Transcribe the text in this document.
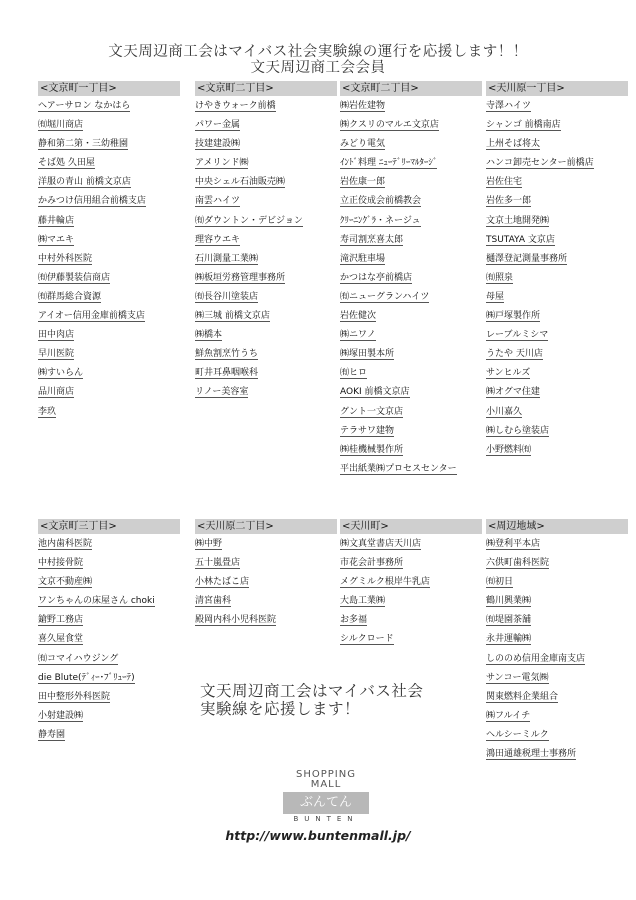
文天周辺商工会はマイバス社会実験線の運行を応援します！！
文天周辺商工会会員
<文京町一丁目>
ヘアーサロン なかはら
㈲堀川商店
静和第二第・三幼稚園
そば処 久田屋
洋服の青山 前橋文京店
かみつけ信用組合前橋支店
藤井輪店
㈱マエキ
中村外科医院
㈲伊藤製装信商店
㈲群馬総合資源
アイオー信用金庫前橋支店
田中肉店
早川医院
㈱すいらん
品川商店
李玖
<文京町二丁目>
けやきウォーク前橋
パワー金属
技建建設㈱
アメリンド㈱
中央シェル石油販売㈱
南雲ハイツ
㈲ダウントン・デビジョン
理容ウエキ
石川測量工業㈱
㈱板垣労務管理事務所
㈲長谷川塗装店
㈱三城 前橋文京店
㈱橋本
鮮魚割烹竹うち
町井耳鼻咽喉科
リノー美容室
<文京町二丁目>
㈱岩佐建物
㈱クスリのマルエ文京店
みどり電気
ｲﾝﾄﾞ料理 ﾆｭｰﾃﾞﾘｰﾏﾙﾀｰｼﾞ
岩佐康一郎
立正佼成会前橋教会
ｸﾘｰﾆﾝｸﾞﾗ・ネージュ
寿司割烹喜太郎
滝沢駐車場
かつはな亭前橋店
㈲ニューグランハイツ
岩佐健次
㈱ニワノ
㈱塚田製本所
㈲ヒロ
AOKI 前橋文京店
グント一文京店
テラサワ建物
㈱桂機械製作所
平出紙業㈱プロセスセンター
<天川原一丁目>
寺澤ハイツ
シャンゴ 前橋南店
上州そば将太
ハンコ卸売センター前橋店
岩佐住宅
岩佐多一郎
文京土地開発㈱
TSUTAYA 文京店
樋澤登記測量事務所
㈲照泉
母屋
㈱戸塚製作所
レーブルミシマ
うたや 天川店
サンヒルズ
㈱オグマ住建
小川嘉久
㈱しむら塗装店
小野燃料㈲
<文京町三丁目>
池内歯科医院
中村接骨院
文京不動産㈱
ワンちゃんの床屋さん choki
鎗野工務店
喜久屋食堂
㈲コマイハウジング
die Blute(ﾃﾞｨｰ･ﾌﾞﾘｭｰﾃ)
田中整形外科医院
小射建設㈱
静寿園
<天川原二丁目>
㈱中野
五十嵐畳店
小林たばこ店
清宮歯科
殿岡内科小児科医院
<天川町>
㈱文真堂書店天川店
市花会計事務所
メグミルク根岸牛乳店
大島工業㈱
お多福
シルクロード
<周辺地域>
㈱登利平本店
六供町歯科医院
㈲初日
鶴川興業㈱
㈲堤園茶舗
永井運輸㈱
しののめ信用金庫南支店
サンコー電気㈱
関東燃料企業組合
㈱フルイチ
ヘルシーミルク
鴻田通雄税理士事務所
文天周辺商工会はマイバス社会
実験線を応援します！
SHOPPING
MALL
ぶんてん
BUNTEN
http://www.buntenmall.jp/
